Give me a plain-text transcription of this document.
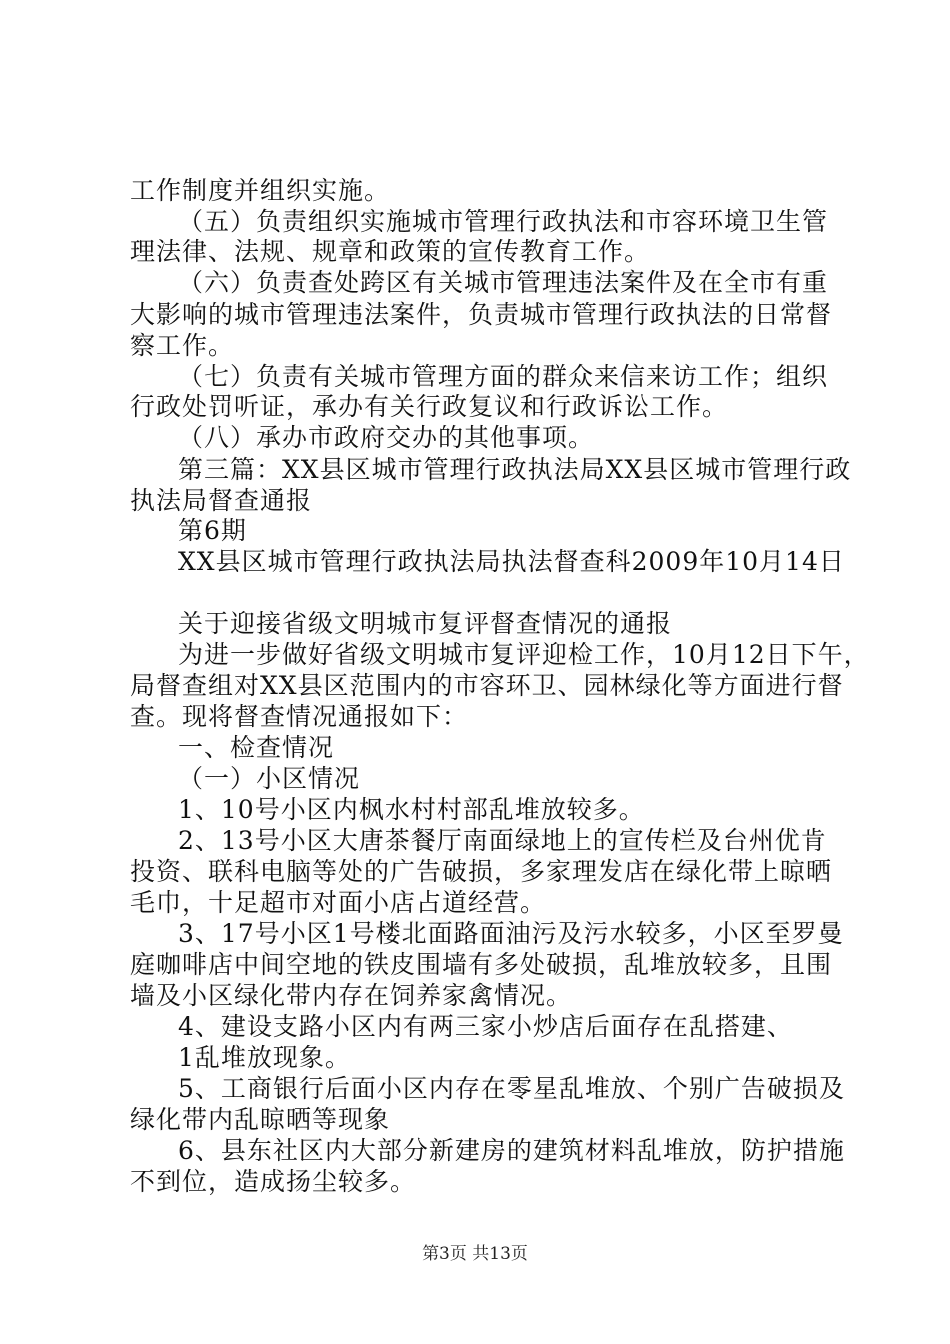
工作制度并组织实施。
（五）负责组织实施城市管理行政执法和市容环境卫生管
理法律、法规、规章和政策的宣传教育工作。
（六）负责查处跨区有关城市管理违法案件及在全市有重
大影响的城市管理违法案件，负责城市管理行政执法的日常督
察工作。
（七）负责有关城市管理方面的群众来信来访工作；组织
行政处罚听证，承办有关行政复议和行政诉讼工作。
（八）承办市政府交办的其他事项。
第三篇：XX县区城市管理行政执法局XX县区城市管理行政
执法局督查通报
第6期
XX县区城市管理行政执法局执法督查科2009年10月14日
关于迎接省级文明城市复评督查情况的通报
为进一步做好省级文明城市复评迎检工作，10月12日下午，
局督查组对XX县区范围内的市容环卫、园林绿化等方面进行督
查。现将督查情况通报如下：
一、检查情况
（一）小区情况
1、10号小区内枫水村村部乱堆放较多。
2、13号小区大唐茶餐厅南面绿地上的宣传栏及台州优肯
投资、联科电脑等处的广告破损，多家理发店在绿化带上晾晒
毛巾，十足超市对面小店占道经营。
3、17号小区1号楼北面路面油污及污水较多，小区至罗曼
庭咖啡店中间空地的铁皮围墙有多处破损，乱堆放较多，且围
墙及小区绿化带内存在饲养家禽情况。
4、建设支路小区内有两三家小炒店后面存在乱搭建、
1乱堆放现象。
5、工商银行后面小区内存在零星乱堆放、个别广告破损及
绿化带内乱晾晒等现象
6、县东社区内大部分新建房的建筑材料乱堆放，防护措施
不到位，造成扬尘较多。
第3页 共13页
